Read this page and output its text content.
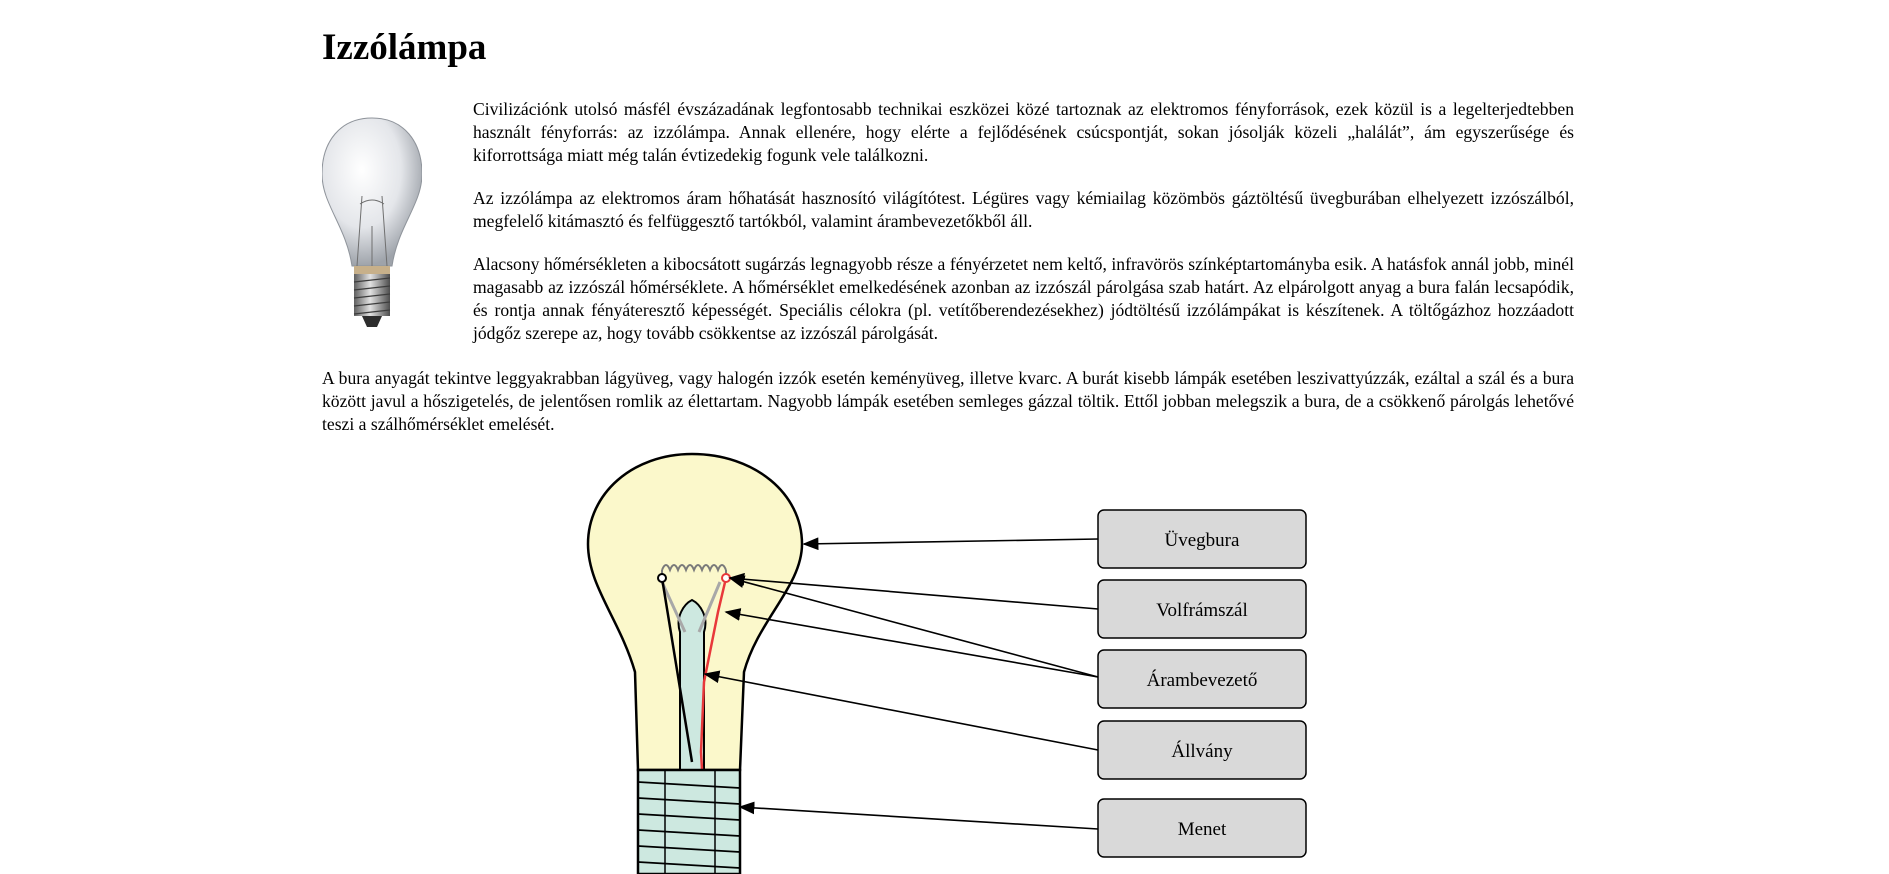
Izzólámpa

Civilizációnk utolsó másfél évszázadának legfontosabb technikai eszközei közé tartoznak az elektromos fényforrások, ezek közül is a legelterjedtebben használt fényforrás: az izzólámpa. Annak ellenére, hogy elérte a fejlődésének csúcspontját, sokan jósolják közeli „halálát”, ám egyszerűsége és kiforrottsága miatt még talán évtizedekig fogunk vele találkozni.

Az izzólámpa az elektromos áram hőhatását hasznosító világítótest. Légüres vagy kémiailag közömbös gáztöltésű üvegburában elhelyezett izzószálból, megfelelő kitámasztó és felfüggesztő tartókból, valamint árambevezetőkből áll.

Alacsony hőmérsékleten a kibocsátott sugárzás legnagyobb része a fényérzetet nem keltő, infravörös színképtartományba esik. A hatásfok annál jobb, minél magasabb az izzószál hőmérséklete. A hőmérséklet emelkedésének azonban az izzószál párolgása szab határt. Az elpárolgott anyag a bura falán lecsapódik, és rontja annak fényáteresztő képességét. Speciális célokra (pl. vetítőberendezésekhez) jódtöltésű izzólámpákat is készítenek. A töltőgázhoz hozzáadott jódgőz szerepe az, hogy tovább csökkentse az izzószál párolgását.

A bura anyagát tekintve leggyakrabban lágyüveg, vagy halogén izzók esetén keményüveg, illetve kvarc. A burát kisebb lámpák esetében leszivattyúzzák, ezáltal a szál és a bura között javul a hőszigetelés, de jelentősen romlik az élettartam. Nagyobb lámpák esetében semleges gázzal töltik. Ettől jobban melegszik a bura, de a csökkenő párolgás lehetővé teszi a szálhőmérséklet emelését.

Üvegbura
Volfrámszál
Árambevezető
Állvány
Menet
